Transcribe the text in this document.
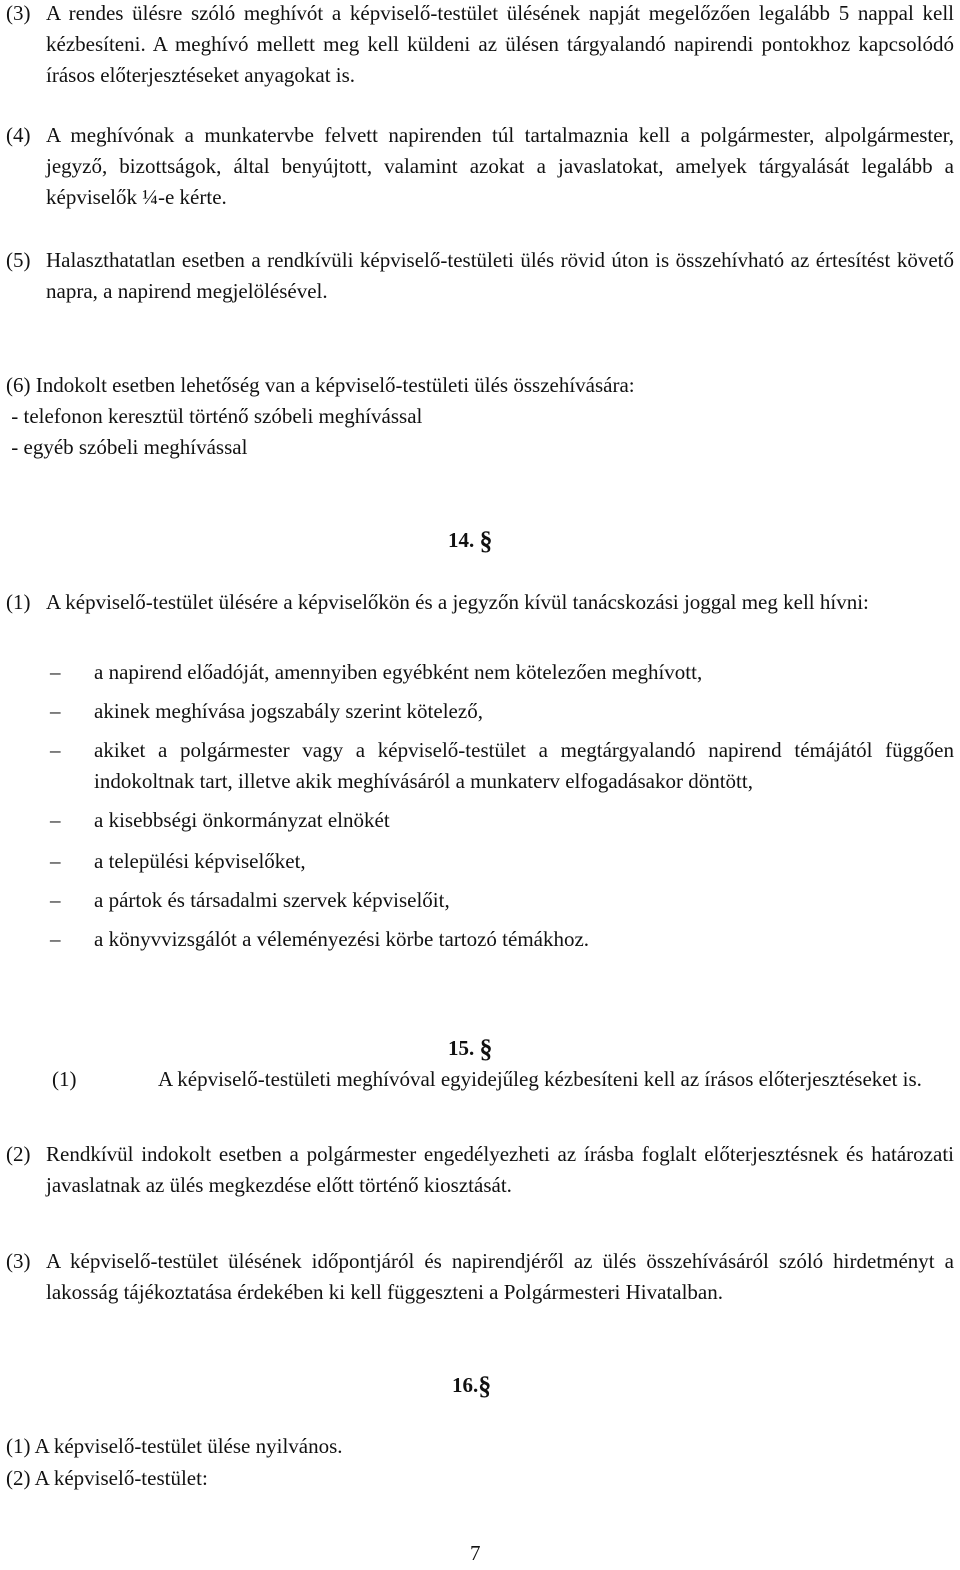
(3) A rendes ülésre szóló meghívót a képviselő-testület ülésének napját megelőzően legalább 5 nappal kell kézbesíteni. A meghívó mellett meg kell küldeni az ülésen tárgyalandó napirendi pontokhoz kapcsolódó írásos előterjesztéseket anyagokat is.
(4) A meghívónak a munkatervbe felvett napirenden túl tartalmaznia kell a polgármester, alpolgármester, jegyző, bizottságok, által benyújtott, valamint azokat a javaslatokat, amelyek tárgyalását legalább a képviselők ¼-e kérte.
(5) Halaszthatatlan esetben a rendkívüli képviselő-testületi ülés rövid úton is összehívható az értesítést követő napra, a napirend megjelölésével.
(6) Indokolt esetben lehetőség van a képviselő-testületi ülés összehívására:
- telefonon keresztül történő szóbeli meghívással
- egyéb szóbeli meghívással
14. §
(1) A képviselő-testület ülésére a képviselőkön és a jegyzőn kívül tanácskozási joggal meg kell hívni:
–	a napirend előadóját, amennyiben egyébként nem kötelezően meghívott,
–	akinek meghívása jogszabály szerint kötelező,
–	akiket a polgármester vagy a képviselő-testület a megtárgyalandó napirend témájától függően indokoltnak tart, illetve akik meghívásáról a munkaterv elfogadásakor döntött,
–	a kisebbségi önkormányzat elnökét
–	a települési képviselőket,
–	a pártok és társadalmi szervek képviselőit,
–	a könyvvizsgálót a véleményezési körbe tartozó témákhoz.
15. §
(1)	A képviselő-testületi meghívóval egyidejűleg kézbesíteni kell az írásos előterjesztéseket is.
(2) Rendkívül indokolt esetben a polgármester engedélyezheti az írásba foglalt előterjesztésnek és határozati javaslatnak az ülés megkezdése előtt történő kiosztását.
(3) A képviselő-testület ülésének időpontjáról és napirendjéről az ülés összehívásáról szóló hirdetményt a lakosság tájékoztatása érdekében ki kell függeszteni a Polgármesteri Hivatalban.
16.§
(1) A képviselő-testület ülése nyilvános.
(2) A képviselő-testület:
7
